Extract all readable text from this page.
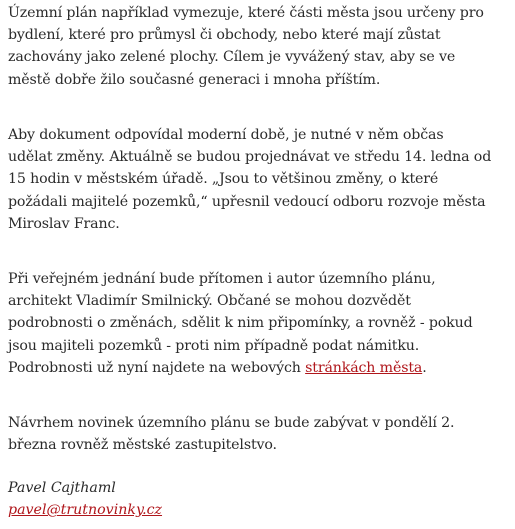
Územní plán například vymezuje, které části města jsou určeny pro
bydlení, které pro průmysl či obchody, nebo které mají zůstat
zachovány jako zelené plochy. Cílem je vyvážený stav, aby se ve
městě dobře žilo současné generaci i mnoha příštím.

Aby dokument odpovídal moderní době, je nutné v něm občas
udělat změny. Aktuálně se budou projednávat ve středu 14. ledna od
15 hodin v městském úřadě. „Jsou to většinou změny, o které
požádali majitelé pozemků,“ upřesnil vedoucí odboru rozvoje města
Miroslav Franc.

Při veřejném jednání bude přítomen i autor územního plánu,
architekt Vladimír Smilnický. Občané se mohou dozvědět
podrobnosti o změnách, sdělit k nim připomínky, a rovněž - pokud
jsou majiteli pozemků - proti nim případně podat námitku.
Podrobnosti už nyní najdete na webových stránkách města.

Návrhem novinek územního plánu se bude zabývat v pondělí 2.
března rovněž městské zastupitelstvo.

Pavel Cajthaml
pavel@trutnovinky.cz
